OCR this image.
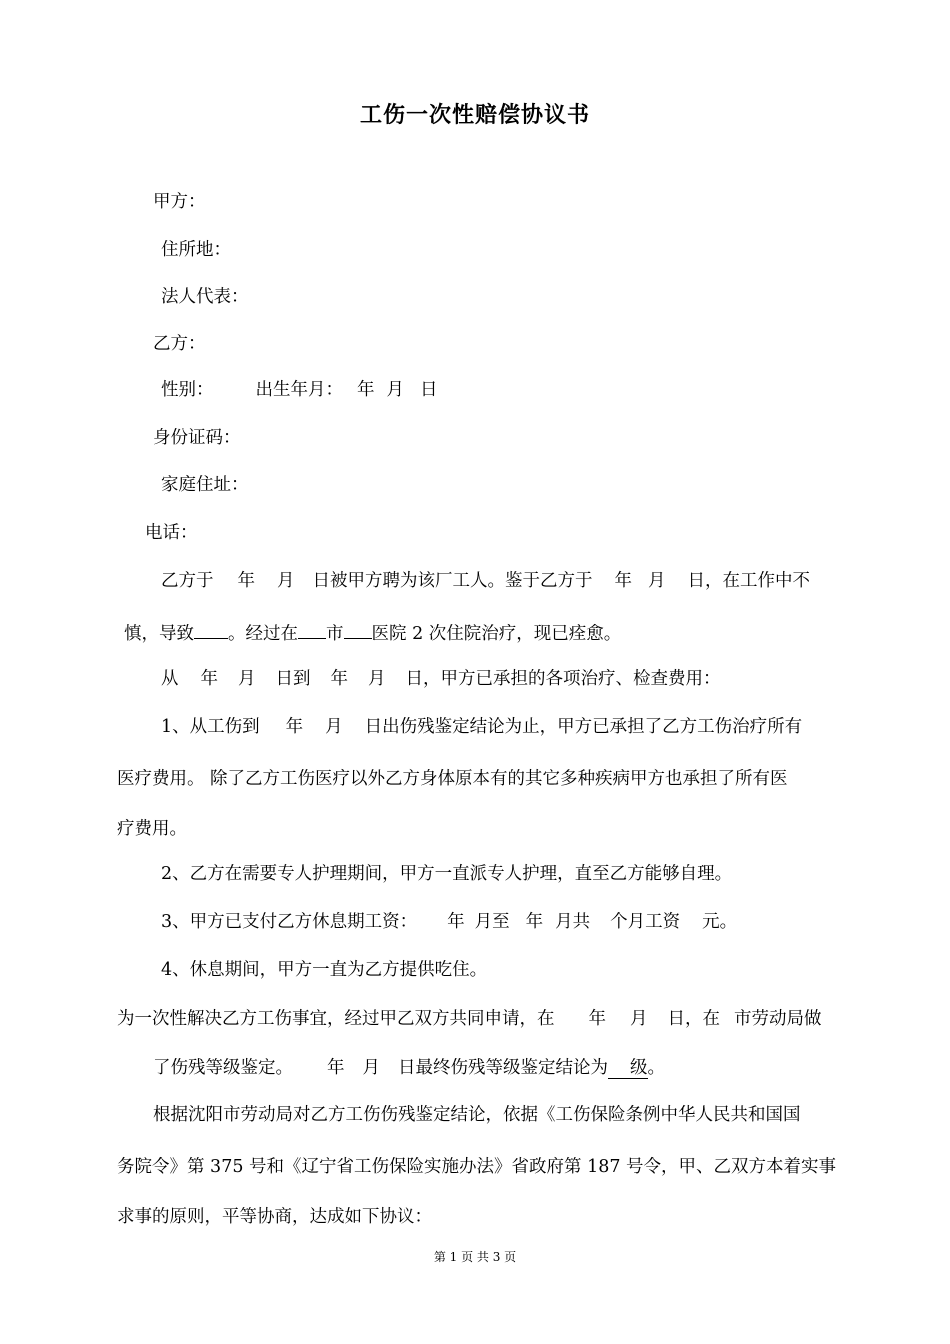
工伤一次性赔偿协议书
甲方：
住所地：
法人代表：
乙方：
性别： 出生年月： 年 月 日
身份证码：
家庭住址：
电话：
乙方于 年 月 日被甲方聘为该厂工人。鉴于乙方于 年 月 日，在工作中不
慎，导致 。经过在 市 医院 2 次住院治疗，现已痊愈。
从 年 月 日到 年 月 日，甲方已承担的各项治疗、检查费用：
1、从工伤到 年 月 日出伤残鉴定结论为止，甲方已承担了乙方工伤治疗所有
医疗费用。 除了乙方工伤医疗以外乙方身体原本有的其它多种疾病甲方也承担了所有医
疗费用。
2、乙方在需要专人护理期间，甲方一直派专人护理，直至乙方能够自理。
3、甲方已支付乙方休息期工资： 年 月至 年 月共 个月工资 元。
4、休息期间，甲方一直为乙方提供吃住。
为一次性解决乙方工伤事宜，经过甲乙双方共同申请，在 年 月 日，在 市劳动局做
了伤残等级鉴定。 年 月 日最终伤残等级鉴定结论为 级。
根据沈阳市劳动局对乙方工伤伤残鉴定结论，依据《工伤保险条例中华人民共和国国
务院令》第 375 号和《辽宁省工伤保险实施办法》省政府第 187 号令，甲、乙双方本着实事
求事的原则，平等协商，达成如下协议：
第 1 页 共 3 页
